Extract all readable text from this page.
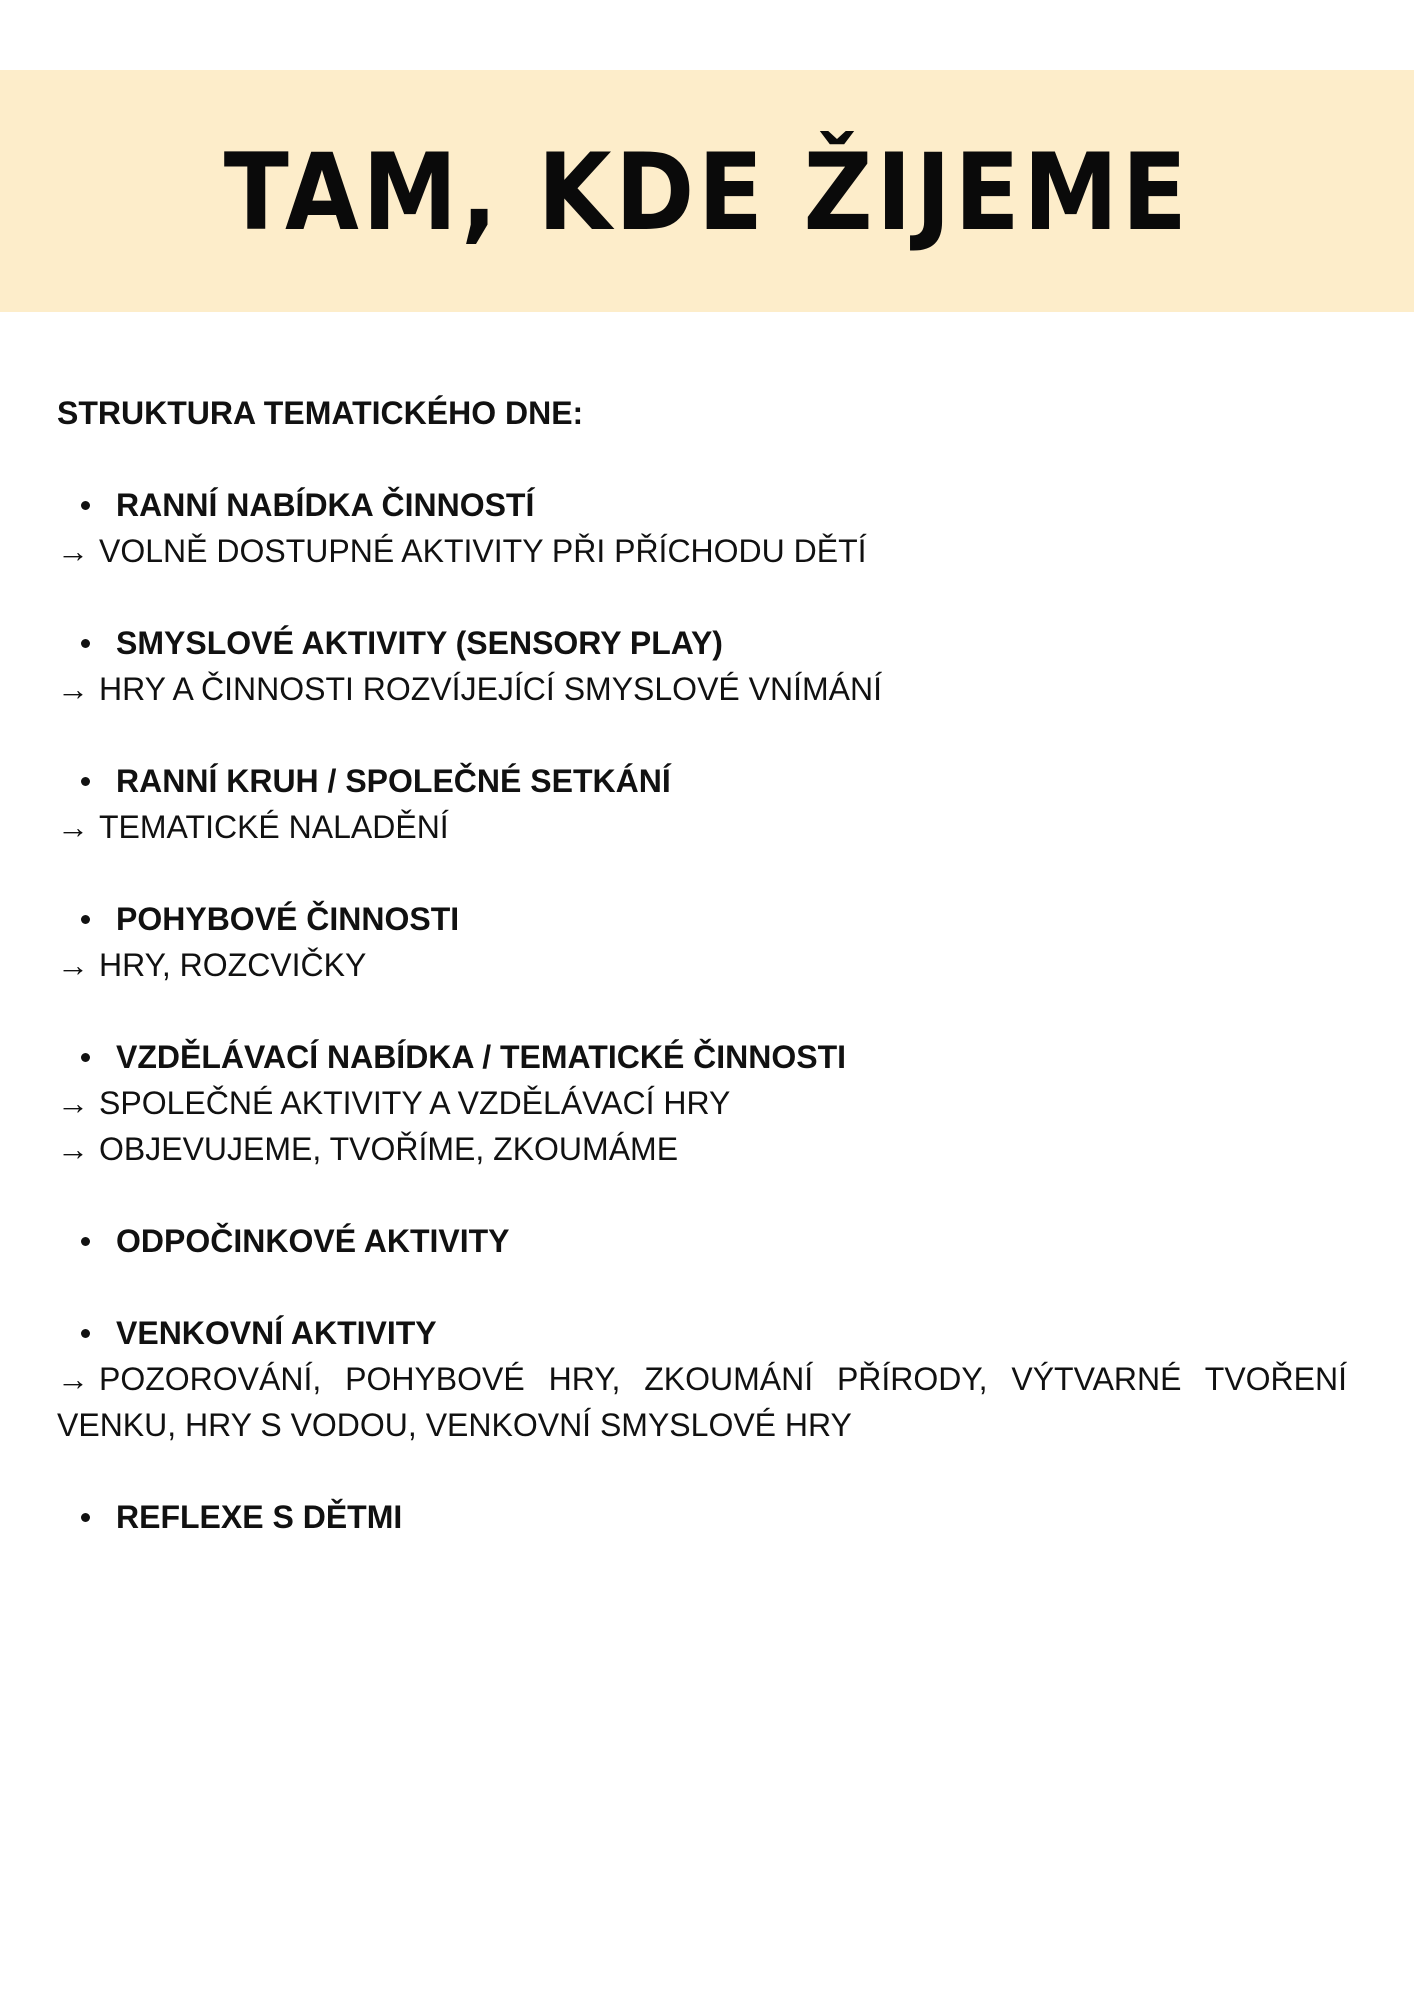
TAM, KDE ŽIJEME

STRUKTURA TEMATICKÉHO DNE:

RANNÍ NABÍDKA ČINNOSTÍ

→ VOLNĚ DOSTUPNÉ AKTIVITY PŘI PŘÍCHODU DĚTÍ

SMYSLOVÉ AKTIVITY (SENSORY PLAY)

→ HRY A ČINNOSTI ROZVÍJEJÍCÍ SMYSLOVÉ VNÍMÁNÍ

RANNÍ KRUH / SPOLEČNÉ SETKÁNÍ

→ TEMATICKÉ NALADĚNÍ

POHYBOVÉ ČINNOSTI

→ HRY, ROZCVIČKY

VZDĚLÁVACÍ NABÍDKA / TEMATICKÉ ČINNOSTI

→ SPOLEČNÉ AKTIVITY A VZDĚLÁVACÍ HRY

→ OBJEVUJEME, TVOŘÍME, ZKOUMÁME

ODPOČINKOVÉ AKTIVITY

VENKOVNÍ AKTIVITY

→ POZOROVÁNÍ, POHYBOVÉ HRY, ZKOUMÁNÍ PŘÍRODY, VÝTVARNÉ TVOŘENÍ VENKU, HRY S VODOU, VENKOVNÍ SMYSLOVÉ HRY

REFLEXE S DĚTMI
